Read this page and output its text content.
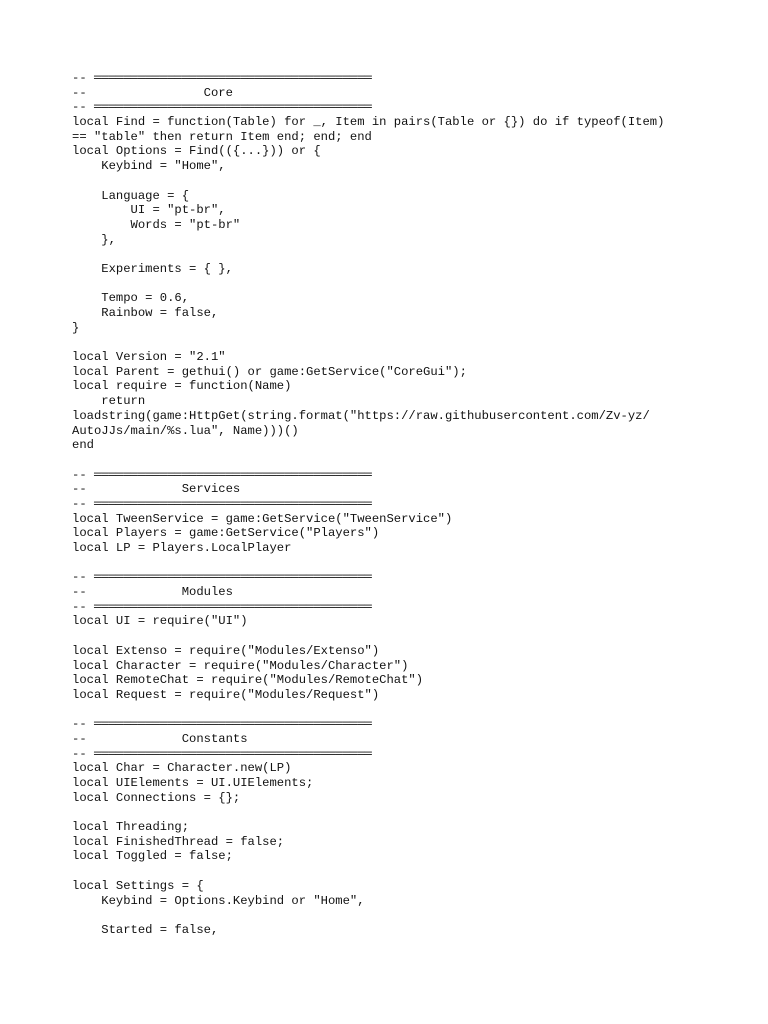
-- ══════════════════════════════════════
--                Core
-- ══════════════════════════════════════
local Find = function(Table) for _, Item in pairs(Table or {}) do if typeof(Item)
== "table" then return Item end; end; end
local Options = Find(({...})) or {
Keybind = "Home",
Language = {
UI = "pt-br",
Words = "pt-br"
},
Experiments = { },
Tempo = 0.6,
Rainbow = false,
}
local Version = "2.1"
local Parent = gethui() or game:GetService("CoreGui");
local require = function(Name)
return
loadstring(game:HttpGet(string.format("https://raw.githubusercontent.com/Zv-yz/
AutoJJs/main/%s.lua", Name)))()
end
-- ══════════════════════════════════════
--             Services
-- ══════════════════════════════════════
local TweenService = game:GetService("TweenService")
local Players = game:GetService("Players")
local LP = Players.LocalPlayer
-- ══════════════════════════════════════
--             Modules
-- ══════════════════════════════════════
local UI = require("UI")
local Extenso = require("Modules/Extenso")
local Character = require("Modules/Character")
local RemoteChat = require("Modules/RemoteChat")
local Request = require("Modules/Request")
-- ══════════════════════════════════════
--             Constants
-- ══════════════════════════════════════
local Char = Character.new(LP)
local UIElements = UI.UIElements;
local Connections = {};
local Threading;
local FinishedThread = false;
local Toggled = false;
local Settings = {
Keybind = Options.Keybind or "Home",
Started = false,
